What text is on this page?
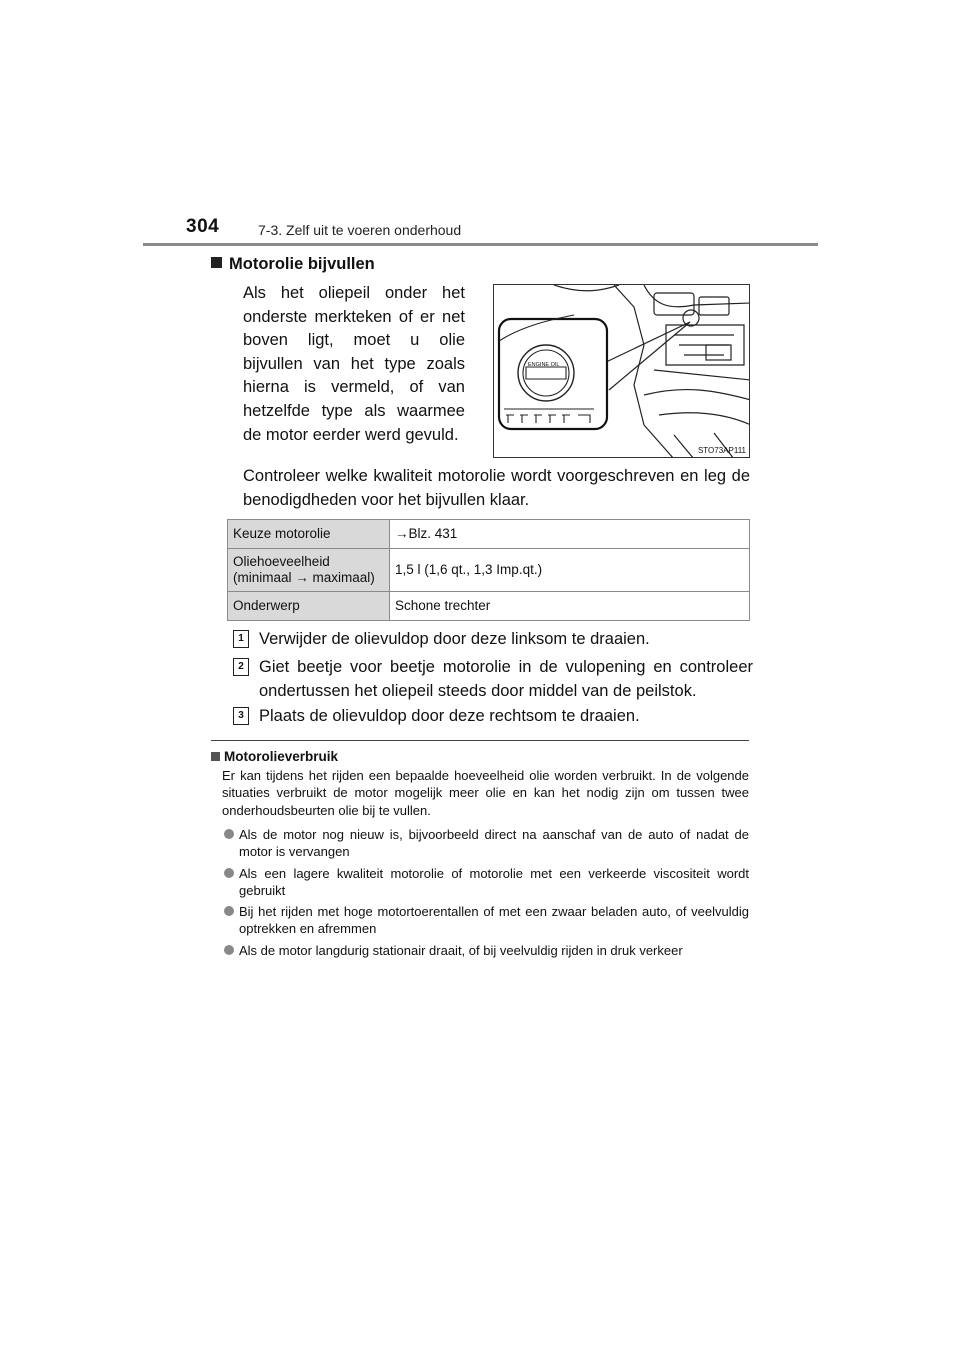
304	7-3. Zelf uit te voeren onderhoud
Motorolie bijvullen
Als het oliepeil onder het onderste merkteken of er net boven ligt, moet u olie bijvullen van het type zoals hierna is vermeld, of van hetzelfde type als waarmee de motor eerder werd gevuld.
ENGINE OIL
STO73AP111
Controleer welke kwaliteit motorolie wordt voorgeschreven en leg de benodigdheden voor het bijvullen klaar.
Keuze motorolie	→Blz. 431
Oliehoeveelheid
(minimaal → maximaal)	1,5 l (1,6 qt., 1,3 Imp.qt.)
Onderwerp	Schone trechter
1 Verwijder de olievuldop door deze linksom te draaien.
2 Giet beetje voor beetje motorolie in de vulopening en controleer ondertussen het oliepeil steeds door middel van de peilstok.
3 Plaats de olievuldop door deze rechtsom te draaien.
Motorolieverbruik
Er kan tijdens het rijden een bepaalde hoeveelheid olie worden verbruikt. In de volgende situaties verbruikt de motor mogelijk meer olie en kan het nodig zijn om tussen twee onderhoudsbeurten olie bij te vullen.
Als de motor nog nieuw is, bijvoorbeeld direct na aanschaf van de auto of nadat de motor is vervangen
Als een lagere kwaliteit motorolie of motorolie met een verkeerde viscositeit wordt gebruikt
Bij het rijden met hoge motortoerentallen of met een zwaar beladen auto, of veelvuldig optrekken en afremmen
Als de motor langdurig stationair draait, of bij veelvuldig rijden in druk verkeer
